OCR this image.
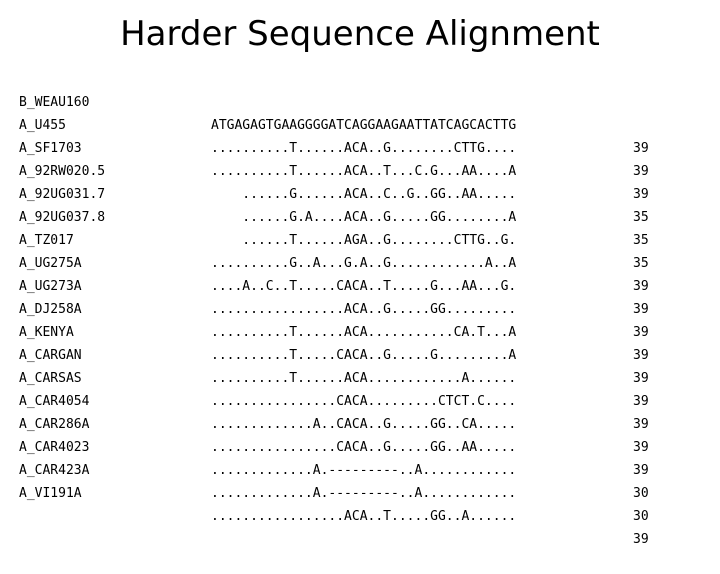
Harder Sequence Alignment

B_WEAU160

ATGAGAGTGAAGGGGATCAGGAAGAATTATCAGCACTTG

39

A_U455

..........T......ACA..G........CTTG....

39

A_SF1703

..........T......ACA..T...C.G...AA....A

39

A_92RW020.5

......G......ACA..C..G..GG..AA.....

35

A_92UG031.7

......G.A....ACA..G.....GG........A

35

A_92UG037.8

......T......AGA..G........CTTG..G.

35

A_TZ017

..........G..A...G.A..G............A..A

39

A_UG275A

....A..C..T.....CACA..T.....G...AA...G.

39

A_UG273A

.................ACA..G.....GG.........

39

A_DJ258A

..........T......ACA...........CA.T...A

39

A_KENYA

..........T.....CACA..G.....G.........A

39

A_CARGAN

..........T......ACA............A......

39

A_CARSAS

................CACA.........CTCT.C....

39

A_CAR4054

.............A..CACA..G.....GG..CA.....

39

A_CAR286A

................CACA..G.....GG..AA.....

39

A_CAR4023

.............A.---------..A............

30

A_CAR423A

.............A.---------..A............

30

A_VI191A

.................ACA..T.....GG..A......

39
